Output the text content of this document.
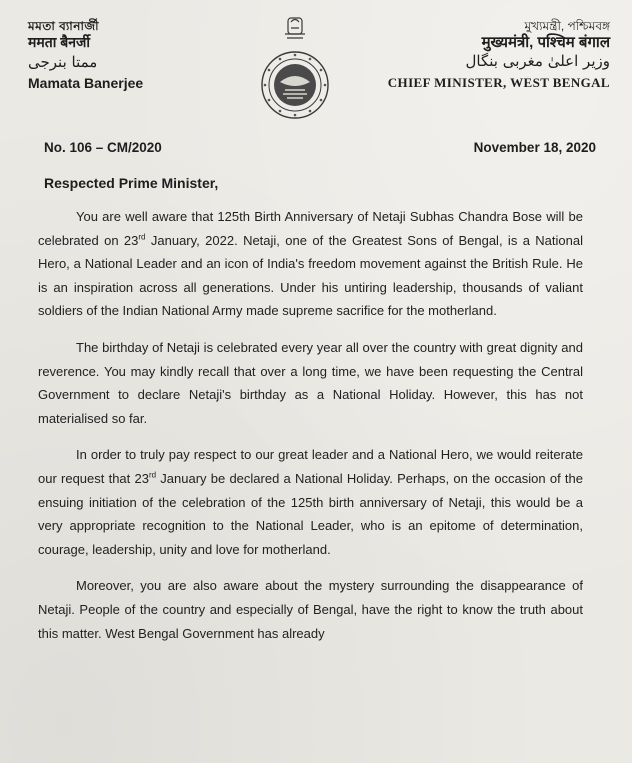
মমতা ব্যানার্জী
ममता बैनर्जी
ممتا بنرجی
Mamata Banerjee
মুখ্যমন্ত্রী, পশ্চিমবঙ্গ
मुख्यमंत्री, पश्चिम बंगाल
وزیر اعلیٰ مغربی بنگال
CHIEF MINISTER, WEST BENGAL
No. 106 – CM/2020	November 18, 2020
Respected Prime Minister,

You are well aware that 125th Birth Anniversary of Netaji Subhas Chandra Bose will be celebrated on 23rd January, 2022. Netaji, one of the Greatest Sons of Bengal, is a National Hero, a National Leader and an icon of India's freedom movement against the British Rule. He is an inspiration across all generations. Under his untiring leadership, thousands of valiant soldiers of the Indian National Army made supreme sacrifice for the motherland.

The birthday of Netaji is celebrated every year all over the country with great dignity and reverence. You may kindly recall that over a long time, we have been requesting the Central Government to declare Netaji's birthday as a National Holiday. However, this has not materialised so far.

In order to truly pay respect to our great leader and a National Hero, we would reiterate our request that 23rd January be declared a National Holiday. Perhaps, on the occasion of the ensuing initiation of the celebration of the 125th birth anniversary of Netaji, this would be a very appropriate recognition to the National Leader, who is an epitome of determination, courage, leadership, unity and love for motherland.

Moreover, you are also aware about the mystery surrounding the disappearance of Netaji. People of the country and especially of Bengal, have the right to know the truth about this matter. West Bengal Government has already
